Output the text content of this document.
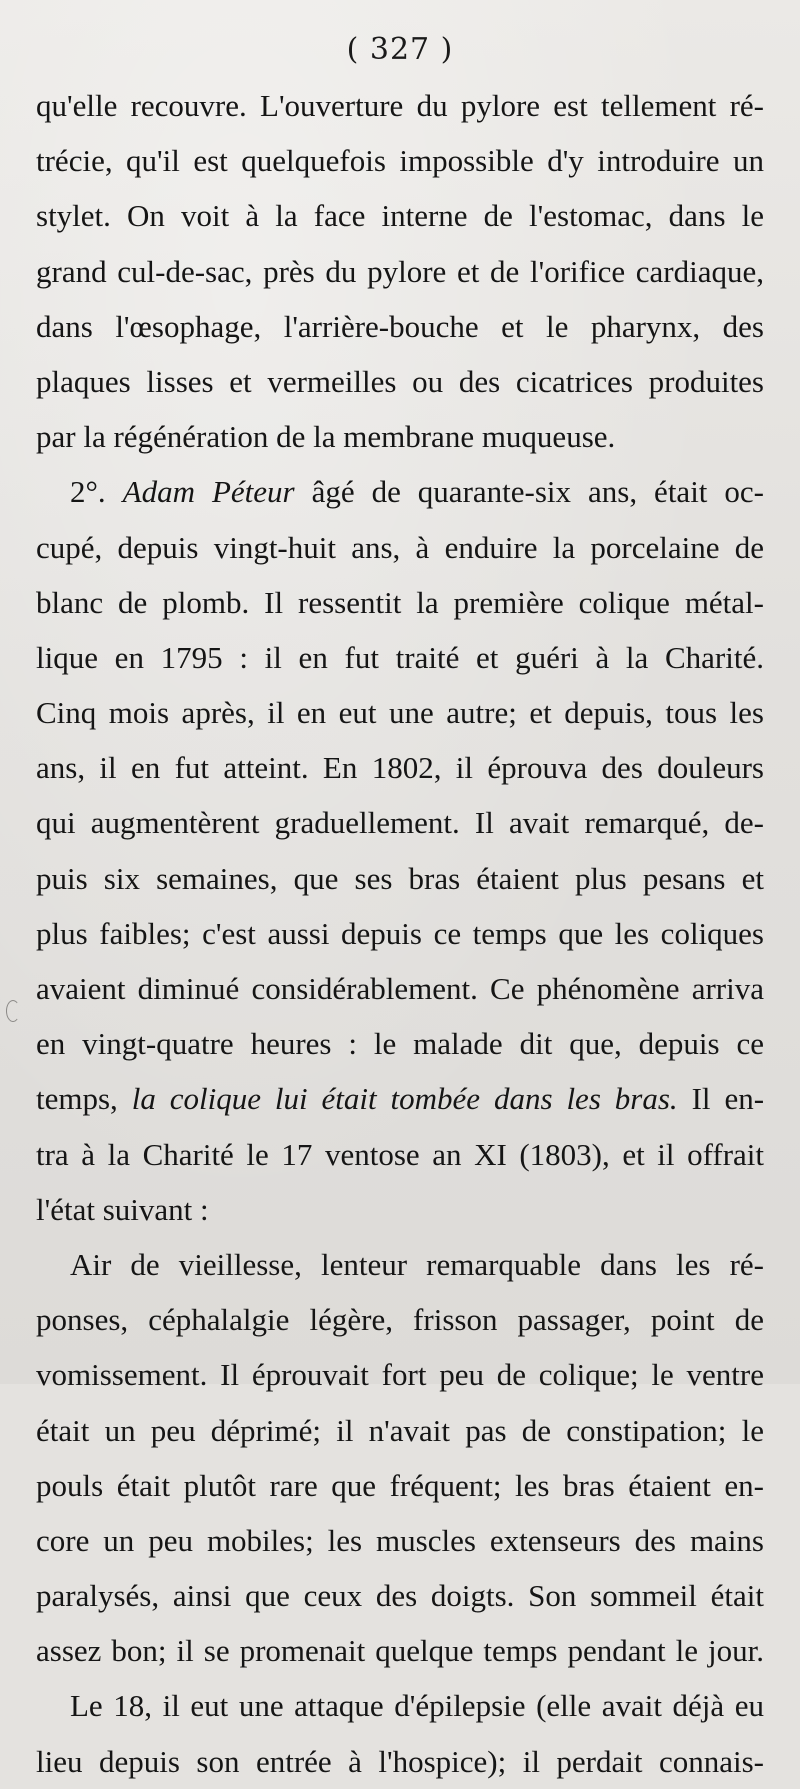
( 327 )
qu'elle recouvre. L'ouverture du pylore est tellement ré-
trécie, qu'il est quelquefois impossible d'y introduire un
stylet. On voit à la face interne de l'estomac, dans le
grand cul-de-sac, près du pylore et de l'orifice cardiaque,
dans l'œsophage, l'arrière-bouche et le pharynx, des
plaques lisses et vermeilles ou des cicatrices produites
par la régénération de la membrane muqueuse.
2°. Adam Péteur âgé de quarante-six ans, était oc-
cupé, depuis vingt-huit ans, à enduire la porcelaine de
blanc de plomb. Il ressentit la première colique métal-
lique en 1795 : il en fut traité et guéri à la Charité.
Cinq mois après, il en eut une autre; et depuis, tous les
ans, il en fut atteint. En 1802, il éprouva des douleurs
qui augmentèrent graduellement. Il avait remarqué, de-
puis six semaines, que ses bras étaient plus pesans et
plus faibles; c'est aussi depuis ce temps que les coliques
avaient diminué considérablement. Ce phénomène arriva
en vingt-quatre heures : le malade dit que, depuis ce
temps, la colique lui était tombée dans les bras. Il en-
tra à la Charité le 17 ventose an XI (1803), et il offrait
l'état suivant :
Air de vieillesse, lenteur remarquable dans les ré-
ponses, céphalalgie légère, frisson passager, point de
vomissement. Il éprouvait fort peu de colique; le ventre
était un peu déprimé; il n'avait pas de constipation; le
pouls était plutôt rare que fréquent; les bras étaient en-
core un peu mobiles; les muscles extenseurs des mains
paralysés, ainsi que ceux des doigts. Son sommeil était
assez bon; il se promenait quelque temps pendant le jour.
Le 18, il eut une attaque d'épilepsie (elle avait déjà eu
lieu depuis son entrée à l'hospice); il perdait connais-
